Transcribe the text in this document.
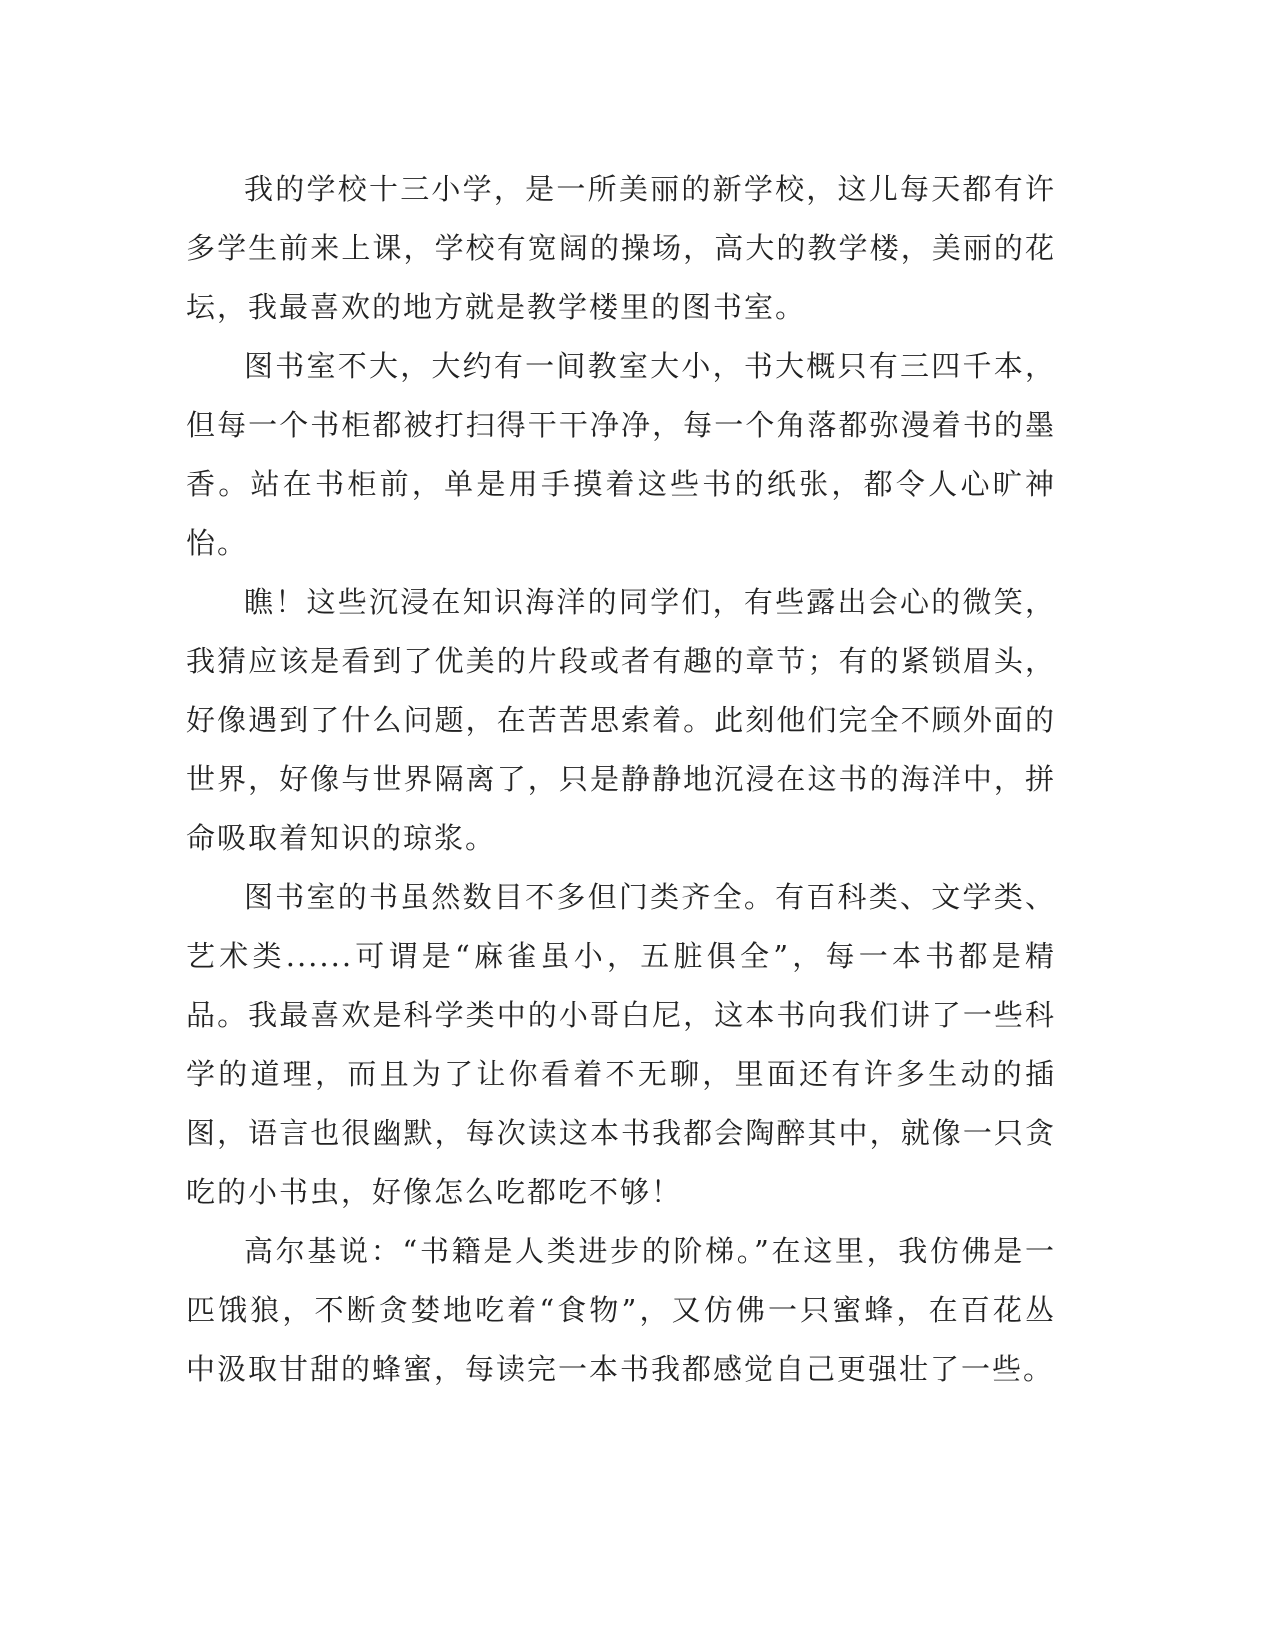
我的学校十三小学，是一所美丽的新学校，这儿每天都有许多学生前来上课，学校有宽阔的操场，高大的教学楼，美丽的花坛，我最喜欢的地方就是教学楼里的图书室。

图书室不大，大约有一间教室大小，书大概只有三四千本，但每一个书柜都被打扫得干干净净，每一个角落都弥漫着书的墨香。站在书柜前，单是用手摸着这些书的纸张，都令人心旷神怡。

瞧！这些沉浸在知识海洋的同学们，有些露出会心的微笑，我猜应该是看到了优美的片段或者有趣的章节；有的紧锁眉头，好像遇到了什么问题，在苦苦思索着。此刻他们完全不顾外面的世界，好像与世界隔离了，只是静静地沉浸在这书的海洋中，拼命吸取着知识的琼浆。

图书室的书虽然数目不多但门类齐全。有百科类、文学类、艺术类......可谓是“麻雀虽小，五脏俱全”，每一本书都是精品。我最喜欢是科学类中的小哥白尼，这本书向我们讲了一些科学的道理，而且为了让你看着不无聊，里面还有许多生动的插图，语言也很幽默，每次读这本书我都会陶醉其中，就像一只贪吃的小书虫，好像怎么吃都吃不够！

高尔基说：“书籍是人类进步的阶梯。”在这里，我仿佛是一匹饿狼，不断贪婪地吃着“食物”，又仿佛一只蜜蜂，在百花丛中汲取甘甜的蜂蜜，每读完一本书我都感觉自己更强壮了一些。
